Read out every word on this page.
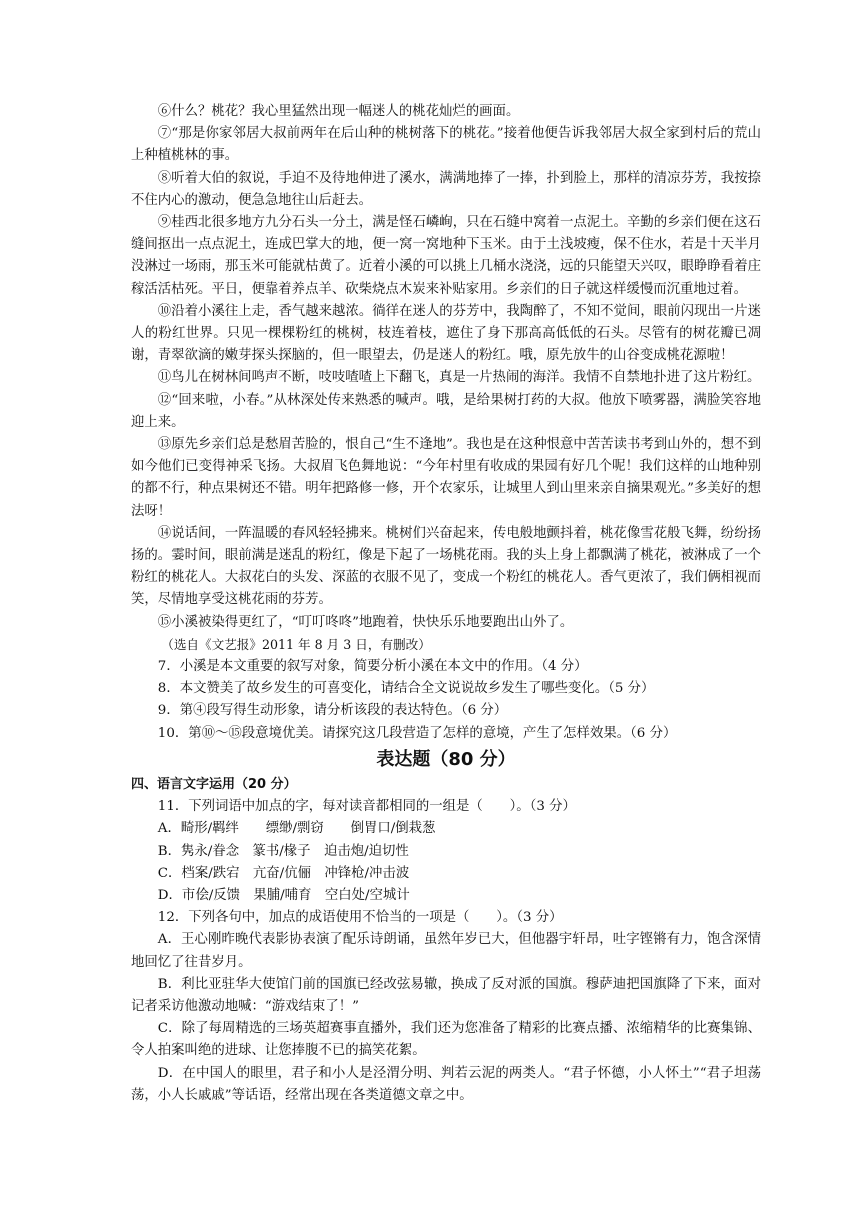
⑥什么？桃花？我心里猛然出现一幅迷人的桃花灿烂的画面。

⑦“那是你家邻居大叔前两年在后山种的桃树落下的桃花。”接着他便告诉我邻居大叔全家到村后的荒山上种植桃林的事。

⑧听着大伯的叙说，手迫不及待地伸进了溪水，满满地捧了一捧，扑到脸上，那样的清凉芬芳，我按捺不住内心的激动，便急急地往山后赶去。

⑨桂西北很多地方九分石头一分土，满是怪石嶙峋，只在石缝中窝着一点泥土。辛勤的乡亲们便在这石缝间抠出一点点泥土，连成巴掌大的地，便一窝一窝地种下玉米。由于土浅坡瘦，保不住水，若是十天半月没淋过一场雨，那玉米可能就枯黄了。近着小溪的可以挑上几桶水浇浇，远的只能望天兴叹，眼睁睁看着庄稼活活枯死。平日，便靠着养点羊、砍柴烧点木炭来补贴家用。乡亲们的日子就这样缓慢而沉重地过着。

⑩沿着小溪往上走，香气越来越浓。徜徉在迷人的芬芳中，我陶醉了，不知不觉间，眼前闪现出一片迷人的粉红世界。只见一棵棵粉红的桃树，枝连着枝，遮住了身下那高高低低的石头。尽管有的树花瓣已凋谢，青翠欲滴的嫩芽探头探脑的，但一眼望去，仍是迷人的粉红。哦，原先放牛的山谷变成桃花源啦！

⑪鸟儿在树林间鸣声不断，吱吱喳喳上下翻飞，真是一片热闹的海洋。我情不自禁地扑进了这片粉红。

⑫“回来啦，小春。”从林深处传来熟悉的喊声。哦，是给果树打药的大叔。他放下喷雾器，满脸笑容地迎上来。

⑬原先乡亲们总是愁眉苦脸的，恨自己“生不逢地”。我也是在这种恨意中苦苦读书考到山外的，想不到如今他们已变得神采飞扬。大叔眉飞色舞地说：“今年村里有收成的果园有好几个呢！我们这样的山地种别的都不行，种点果树还不错。明年把路修一修，开个农家乐，让城里人到山里来亲自摘果观光。”多美好的想法呀！

⑭说话间，一阵温暖的春风轻轻拂来。桃树们兴奋起来，传电般地颤抖着，桃花像雪花般飞舞，纷纷扬扬的。霎时间，眼前满是迷乱的粉红，像是下起了一场桃花雨。我的头上身上都飘满了桃花，被淋成了一个粉红的桃花人。大叔花白的头发、深蓝的衣服不见了，变成一个粉红的桃花人。香气更浓了，我们俩相视而笑，尽情地享受这桃花雨的芬芳。

⑮小溪被染得更红了，“叮叮咚咚”地跑着，快快乐乐地要跑出山外了。

（选自《文艺报》2011 年 8 月 3 日，有删改）

7．小溪是本文重要的叙写对象，简要分析小溪在本文中的作用。（4 分）

8．本文赞美了故乡发生的可喜变化，请结合全文说说故乡发生了哪些变化。（5 分）

9．第④段写得生动形象，请分析该段的表达特色。（6 分）

10．第⑩～⑮段意境优美。请探究这几段营造了怎样的意境，产生了怎样效果。（6 分）

表达题（80 分）

四、语言文字运用（20 分）

11．下列词语中加点的字，每对读音都相同的一组是（　　）。（3 分）

A．畸形/羁绊　　缥缈/剽窃　　倒胃口/倒栽葱

B．隽永/眷念　篆书/椽子　迫击炮/迫切性

C．档案/跌宕　亢奋/伉俪　冲锋枪/冲击波

D．市侩/反馈　果脯/哺育　空白处/空城计

12．下列各句中，加点的成语使用不恰当的一项是（　　）。（3 分）

A．王心刚昨晚代表影协表演了配乐诗朗诵，虽然年岁已大，但他器宇轩昂，吐字铿锵有力，饱含深情地回忆了往昔岁月。

B．利比亚驻华大使馆门前的国旗已经改弦易辙，换成了反对派的国旗。穆萨迪把国旗降了下来，面对记者采访他激动地喊：“游戏结束了！”

C．除了每周精选的三场英超赛事直播外，我们还为您准备了精彩的比赛点播、浓缩精华的比赛集锦、令人拍案叫绝的进球、让您捧腹不已的搞笑花絮。

D．在中国人的眼里，君子和小人是泾渭分明、判若云泥的两类人。“君子怀德，小人怀土”“君子坦荡荡，小人长戚戚”等话语，经常出现在各类道德文章之中。
